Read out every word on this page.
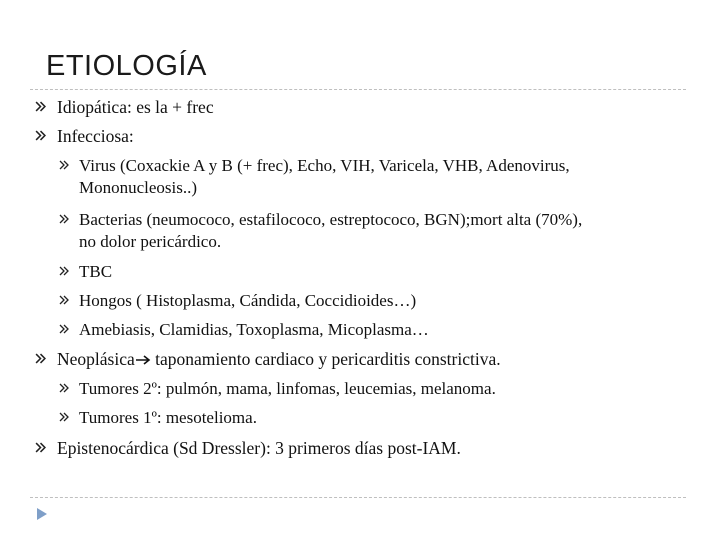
ETIOLOGÍA
Idiopática: es la + frec
Infecciosa:
Virus (Coxackie A y B (+ frec), Echo, VIH, Varicela, VHB, Adenovirus,
Mononucleosis..)
Bacterias (neumococo, estafilococo, estreptococo, BGN);mort alta (70%),
no dolor pericárdico.
TBC
Hongos ( Histoplasma, Cándida, Coccidioides…)
Amebiasis, Clamidias, Toxoplasma, Micoplasma…
Neoplásica taponamiento cardiaco y pericarditis constrictiva.
Tumores 2º: pulmón, mama, linfomas, leucemias, melanoma.
Tumores 1º: mesotelioma.
Epistenocárdica (Sd Dressler): 3 primeros días post-IAM.
